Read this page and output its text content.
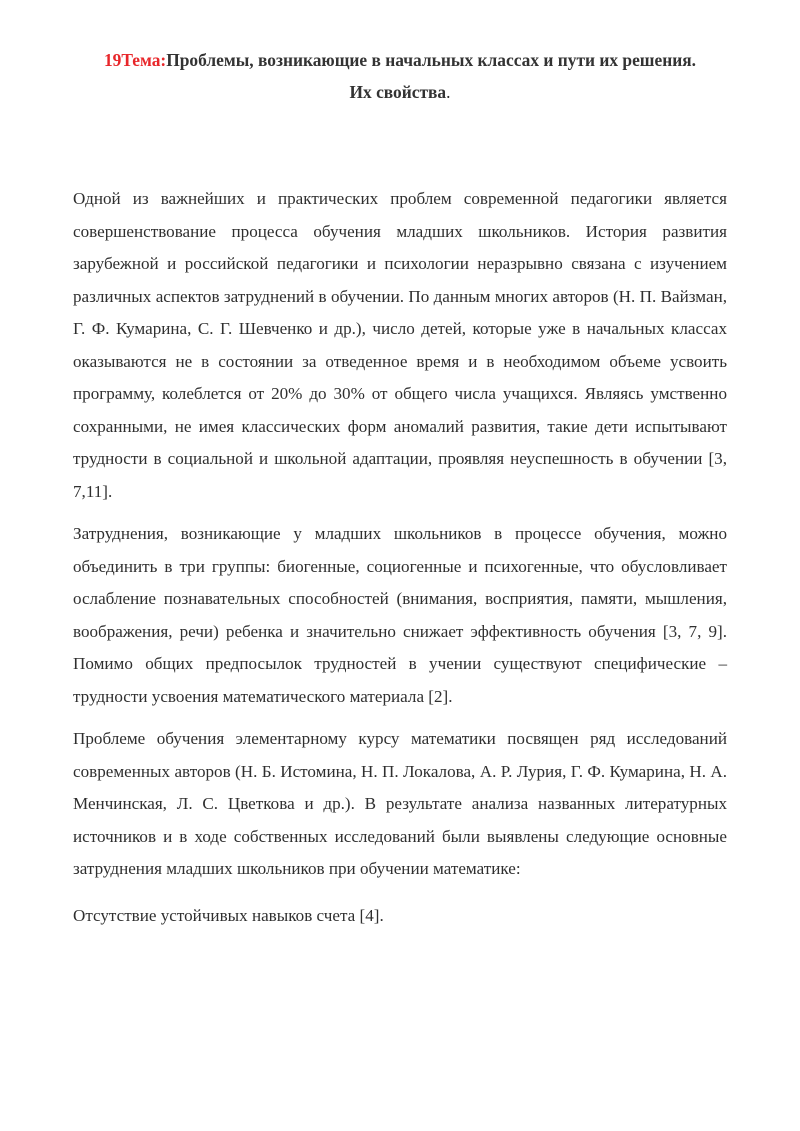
19Тема:Проблемы, возникающие в начальных классах и пути их решения.
Их свойства.

Одной из важнейших и практических проблем современной педагогики является совершенствование процесса обучения младших школьников. История развития зарубежной и российской педагогики и психологии неразрывно связана с изучением различных аспектов затруднений в обучении. По данным многих авторов (Н. П. Вайзман, Г. Ф. Кумарина, С. Г. Шевченко и др.), число детей, которые уже в начальных классах оказываются не в состоянии за отведенное время и в необходимом объеме усвоить программу, колеблется от 20% до 30% от общего числа учащихся. Являясь умственно сохранными, не имея классических форм аномалий развития, такие дети испытывают трудности в социальной и школьной адаптации, проявляя неуспешность в обучении [3, 7,11].

Затруднения, возникающие у младших школьников в процессе обучения, можно объединить в три группы: биогенные, социогенные и психогенные, что обусловливает ослабление познавательных способностей (внимания, восприятия, памяти, мышления, воображения, речи) ребенка и значительно снижает эффективность обучения [3, 7, 9]. Помимо общих предпосылок трудностей в учении существуют специфические – трудности усвоения математического материала [2].

Проблеме обучения элементарному курсу математики посвящен ряд исследований современных авторов (Н. Б. Истомина, Н. П. Локалова, А. Р. Лурия, Г. Ф. Кумарина, Н. А. Менчинская, Л. С. Цветкова и др.). В результате анализа названных литературных источников и в ходе собственных исследований были выявлены следующие основные затруднения младших школьников при обучении математике:

Отсутствие устойчивых навыков счета [4].
